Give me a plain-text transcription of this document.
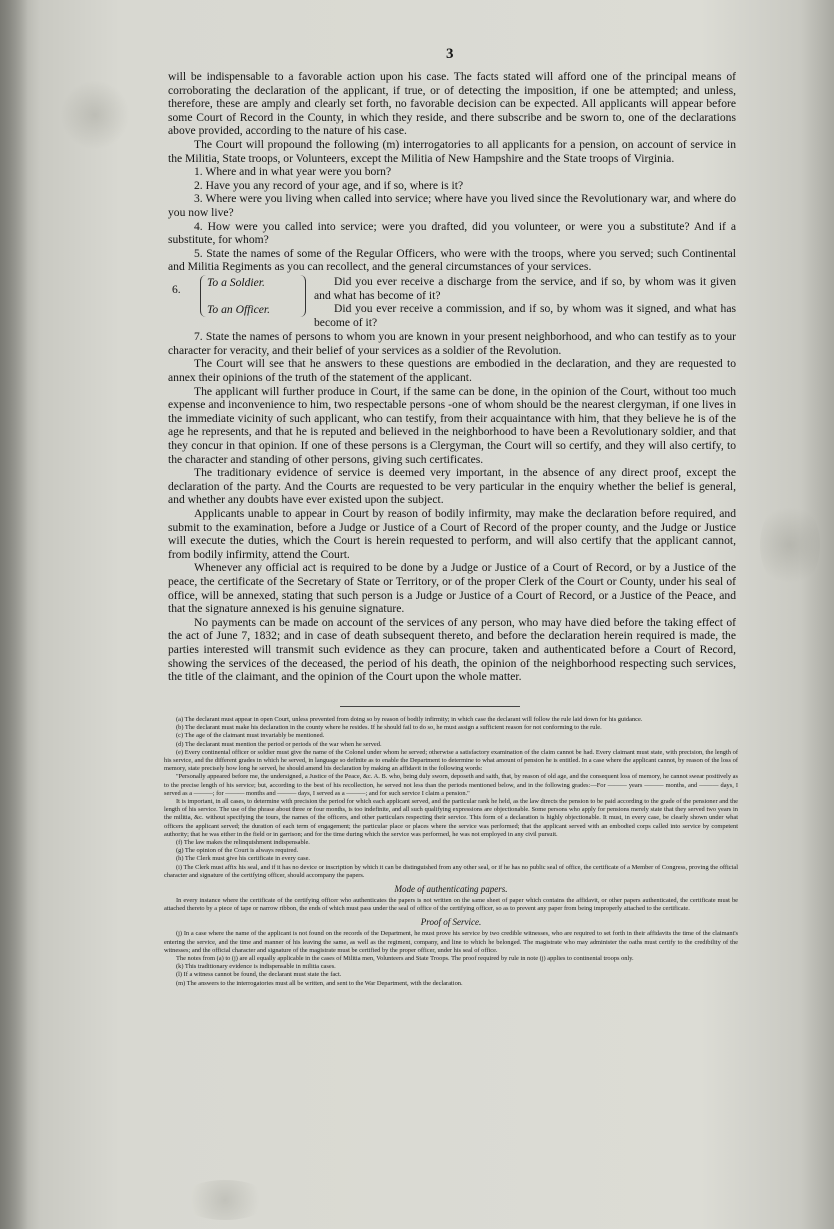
3

will be indispensable to a favorable action upon his case. The facts stated will afford one of the principal means of corroborating the declaration of the applicant, if true, or of detecting the imposition, if one be attempted; and unless, therefore, these are amply and clearly set forth, no favorable decision can be expected. All applicants will appear before some Court of Record in the County, in which they reside, and there subscribe and be sworn to, one of the declarations above provided, according to the nature of his case.

The Court will propound the following (m) interrogatories to all applicants for a pension, on account of service in the Militia, State troops, or Volunteers, except the Militia of New Hampshire and the State troops of Virginia.

1. Where and in what year were you born?

2. Have you any record of your age, and if so, where is it?

3. Where were you living when called into service; where have you lived since the Revolutionary war, and where do you now live?

4. How were you called into service; were you drafted, did you volunteer, or were you a substitute? And if a substitute, for whom?

5. State the names of some of the Regular Officers, who were with the troops, where you served; such Continental and Militia Regiments as you can recollect, and the general circumstances of your services.

6.
To a Soldier.
To an Officer.
Did you ever receive a discharge from the service, and if so, by whom was it given and what has become of it?
Did you ever receive a commission, and if so, by whom was it signed, and what has become of it?

7. State the names of persons to whom you are known in your present neighborhood, and who can testify as to your character for veracity, and their belief of your services as a soldier of the Revolution.

The Court will see that he answers to these questions are embodied in the declaration, and they are requested to annex their opinions of the truth of the statement of the applicant.

The applicant will further produce in Court, if the same can be done, in the opinion of the Court, without too much expense and inconvenience to him, two respectable persons -one of whom should be the nearest clergyman, if one lives in the immediate vicinity of such applicant, who can testify, from their acquaintance with him, that they believe he is of the age he represents, and that he is reputed and believed in the neighborhood to have been a Revolutionary soldier, and that they concur in that opinion. If one of these persons is a Clergyman, the Court will so certify, and they will also certify, to the character and standing of other persons, giving such certificates.

The traditionary evidence of service is deemed very important, in the absence of any direct proof, except the declaration of the party. And the Courts are requested to be very particular in the enquiry whether the belief is general, and whether any doubts have ever existed upon the subject.

Applicants unable to appear in Court by reason of bodily infirmity, may make the declaration before required, and submit to the examination, before a Judge or Justice of a Court of Record of the proper county, and the Judge or Justice will execute the duties, which the Court is herein requested to perform, and will also certify that the applicant cannot, from bodily infirmity, attend the Court.

Whenever any official act is required to be done by a Judge or Justice of a Court of Record, or by a Justice of the peace, the certificate of the Secretary of State or Territory, or of the proper Clerk of the Court or County, under his seal of office, will be annexed, stating that such person is a Judge or Justice of a Court of Record, or a Justice of the Peace, and that the signature annexed is his genuine signature.

No payments can be made on account of the services of any person, who may have died before the taking effect of the act of June 7, 1832; and in case of death subsequent thereto, and before the declaration herein required is made, the parties interested will transmit such evidence as they can procure, taken and authenticated before a Court of Record, showing the services of the deceased, the period of his death, the opinion of the neighborhood respecting such services, the title of the claimant, and the opinion of the Court upon the whole matter.

(a) The declarant must appear in open Court, unless prevented from doing so by reason of bodily infirmity; in which case the declarant will follow the rule laid down for his guidance.

(b) The declarant must make his declaration in the county where he resides. If he should fail to do so, he must assign a sufficient reason for not conforming to the rule.

(c) The age of the claimant must invariably be mentioned.

(d) The declarant must mention the period or periods of the war when he served.

(e) Every continental officer or soldier must give the name of the Colonel under whom he served; otherwise a satisfactory examination of the claim cannot be had. Every claimant must state, with precision, the length of his service, and the different grades in which he served, in language so definite as to enable the Department to determine to what amount of pension he is entitled. In a case where the applicant cannot, by reason of the loss of memory, state precisely how long he served, he should amend his declaration by making an affidavit in the following words:

"Personally appeared before me, the undersigned, a Justice of the Peace, &c. A. B. who, being duly sworn, deposeth and saith, that, by reason of old age, and the consequent loss of memory, he cannot swear positively as to the precise length of his service; but, according to the best of his recollection, he served not less than the periods mentioned below, and in the following grades:—For ——— years ——— months, and ——— days, I served as a ———; for ——— months and ——— days, I served as a ———; and for such service I claim a pension."

It is important, in all cases, to determine with precision the period for which each applicant served, and the particular rank he held, as the law directs the pension to be paid according to the grade of the pensioner and the length of his service. The use of the phrase about three or four months, is too indefinite, and all such qualifying expressions are objectionable. Some persons who apply for pensions merely state that they served two years in the militia, &c. without specifying the tours, the names of the officers, and other particulars respecting their service. This form of a declaration is highly objectionable. It must, in every case, be clearly shown under what officers the applicant served; the duration of each term of engagement; the particular place or places where the service was performed; that the applicant served with an embodied corps called into service by competent authority; that he was either in the field or in garrison; and for the time during which the service was performed, he was not employed in any civil pursuit.

(f) The law makes the relinquishment indispensable.

(g) The opinion of the Court is always required.

(h) The Clerk must give his certificate in every case.

(i) The Clerk must affix his seal, and if it has no device or inscription by which it can be distinguished from any other seal, or if he has no public seal of office, the certificate of a Member of Congress, proving the official character and signature of the certifying officer, should accompany the papers.

Mode of authenticating papers.

In every instance where the certificate of the certifying officer who authenticates the papers is not written on the same sheet of paper which contains the affidavit, or other papers authenticated, the certificate must be attached thereto by a piece of tape or narrow ribbon, the ends of which must pass under the seal of office of the certifying officer, so as to prevent any paper from being improperly attached to the certificate.

Proof of Service.

(j) In a case where the name of the applicant is not found on the records of the Department, he must prove his service by two credible witnesses, who are required to set forth in their affidavits the time of the claimant's entering the service, and the time and manner of his leaving the same, as well as the regiment, company, and line to which he belonged. The magistrate who may administer the oaths must certify to the credibility of the witnesses; and the official character and signature of the magistrate must be certified by the proper officer, under his seal of office.

The notes from (a) to (j) are all equally applicable in the cases of Militia men, Volunteers and State Troops. The proof required by rule in note (j) applies to continental troops only.

(k) This traditionary evidence is indispensable in militia cases.

(l) If a witness cannot be found, the declarant must state the fact.

(m) The answers to the interrogatories must all be written, and sent to the War Department, with the declaration.
